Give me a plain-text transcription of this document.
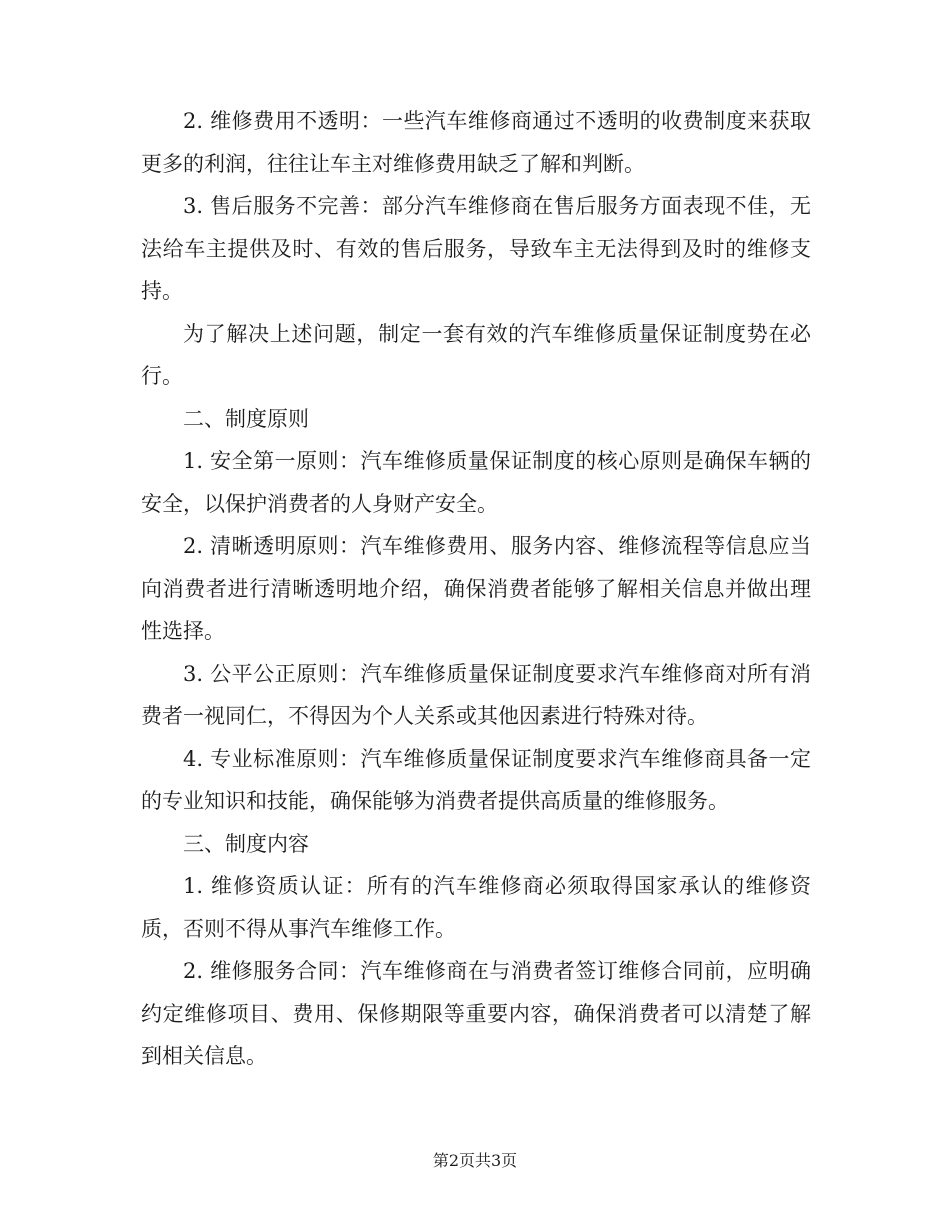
2. 维修费用不透明：一些汽车维修商通过不透明的收费制度来获取更多的利润，往往让车主对维修费用缺乏了解和判断。

3. 售后服务不完善：部分汽车维修商在售后服务方面表现不佳，无法给车主提供及时、有效的售后服务，导致车主无法得到及时的维修支持。

为了解决上述问题，制定一套有效的汽车维修质量保证制度势在必行。

二、制度原则

1. 安全第一原则：汽车维修质量保证制度的核心原则是确保车辆的安全，以保护消费者的人身财产安全。

2. 清晰透明原则：汽车维修费用、服务内容、维修流程等信息应当向消费者进行清晰透明地介绍，确保消费者能够了解相关信息并做出理性选择。

3. 公平公正原则：汽车维修质量保证制度要求汽车维修商对所有消费者一视同仁，不得因为个人关系或其他因素进行特殊对待。

4. 专业标准原则：汽车维修质量保证制度要求汽车维修商具备一定的专业知识和技能，确保能够为消费者提供高质量的维修服务。

三、制度内容

1. 维修资质认证：所有的汽车维修商必须取得国家承认的维修资质，否则不得从事汽车维修工作。

2. 维修服务合同：汽车维修商在与消费者签订维修合同前，应明确约定维修项目、费用、保修期限等重要内容，确保消费者可以清楚了解到相关信息。

第2页共3页
